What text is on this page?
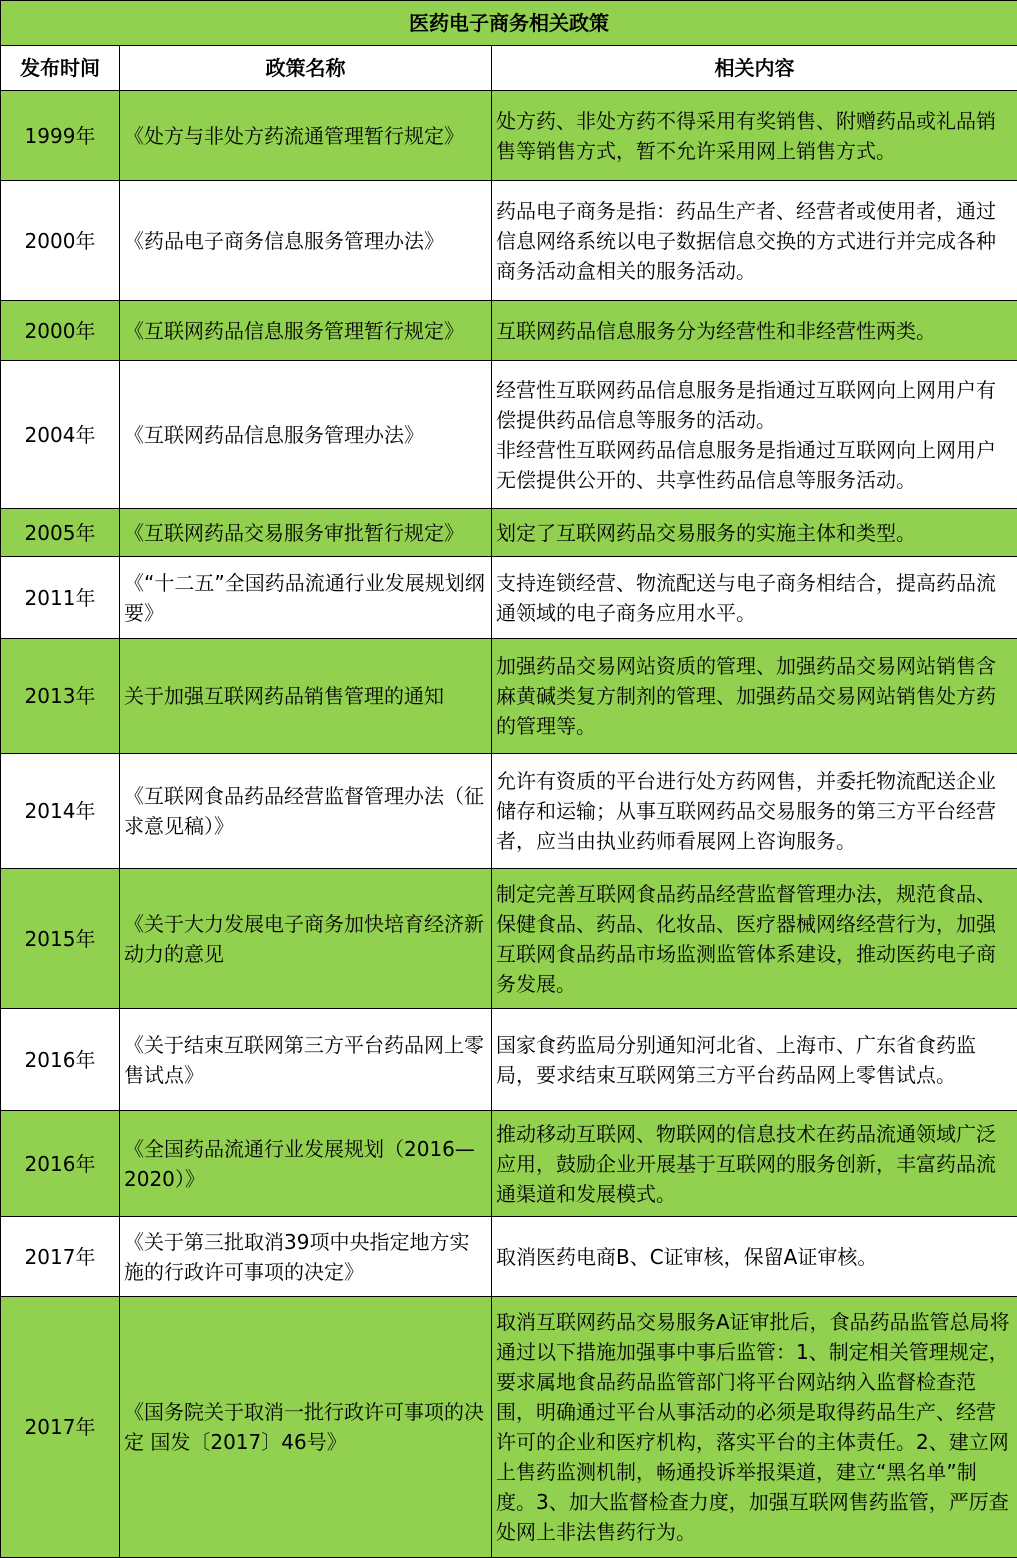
医药电子商务相关政策		
发布时间	政策名称	相关内容
1999年	《处方与非处方药流通管理暂行规定》	处方药、非处方药不得采用有奖销售、附赠药品或礼品销售等销售方式，暂不允许采用网上销售方式。
2000年	《药品电子商务信息服务管理办法》	药品电子商务是指：药品生产者、经营者或使用者，通过信息网络系统以电子数据信息交换的方式进行并完成各种商务活动盒相关的服务活动。
2000年	《互联网药品信息服务管理暂行规定》	互联网药品信息服务分为经营性和非经营性两类。
2004年	《互联网药品信息服务管理办法》	经营性互联网药品信息服务是指通过互联网向上网用户有偿提供药品信息等服务的活动。
非经营性互联网药品信息服务是指通过互联网向上网用户无偿提供公开的、共享性药品信息等服务活动。
2005年	《互联网药品交易服务审批暂行规定》	划定了互联网药品交易服务的实施主体和类型。
2011年	《“十二五”全国药品流通行业发展规划纲要》	支持连锁经营、物流配送与电子商务相结合，提高药品流通领域的电子商务应用水平。
2013年	关于加强互联网药品销售管理的通知	加强药品交易网站资质的管理、加强药品交易网站销售含麻黄碱类复方制剂的管理、加强药品交易网站销售处方药的管理等。
2014年	《互联网食品药品经营监督管理办法（征求意见稿）》	允许有资质的平台进行处方药网售，并委托物流配送企业储存和运输；从事互联网药品交易服务的第三方平台经营者，应当由执业药师看展网上咨询服务。
2015年	《关于大力发展电子商务加快培育经济新动力的意见	制定完善互联网食品药品经营监督管理办法，规范食品、保健食品、药品、化妆品、医疗器械网络经营行为，加强互联网食品药品市场监测监管体系建设，推动医药电子商务发展。
2016年	《关于结束互联网第三方平台药品网上零售试点》	国家食药监局分别通知河北省、上海市、广东省食药监局，要求结束互联网第三方平台药品网上零售试点。
2016年	《全国药品流通行业发展规划（2016—2020）》	推动移动互联网、物联网的信息技术在药品流通领域广泛应用，鼓励企业开展基于互联网的服务创新，丰富药品流通渠道和发展模式。
2017年	《关于第三批取消39项中央指定地方实施的行政许可事项的决定》	取消医药电商B、C证审核，保留A证审核。
2017年	《国务院关于取消一批行政许可事项的决定 国发〔2017〕46号》	取消互联网药品交易服务A证审批后，食品药品监管总局将通过以下措施加强事中事后监管：1、制定相关管理规定，要求属地食品药品监管部门将平台网站纳入监督检查范围，明确通过平台从事活动的必须是取得药品生产、经营许可的企业和医疗机构，落实平台的主体责任。2、建立网上售药监测机制，畅通投诉举报渠道，建立“黑名单”制度。3、加大监督检查力度，加强互联网售药监管，严厉查处网上非法售药行为。
